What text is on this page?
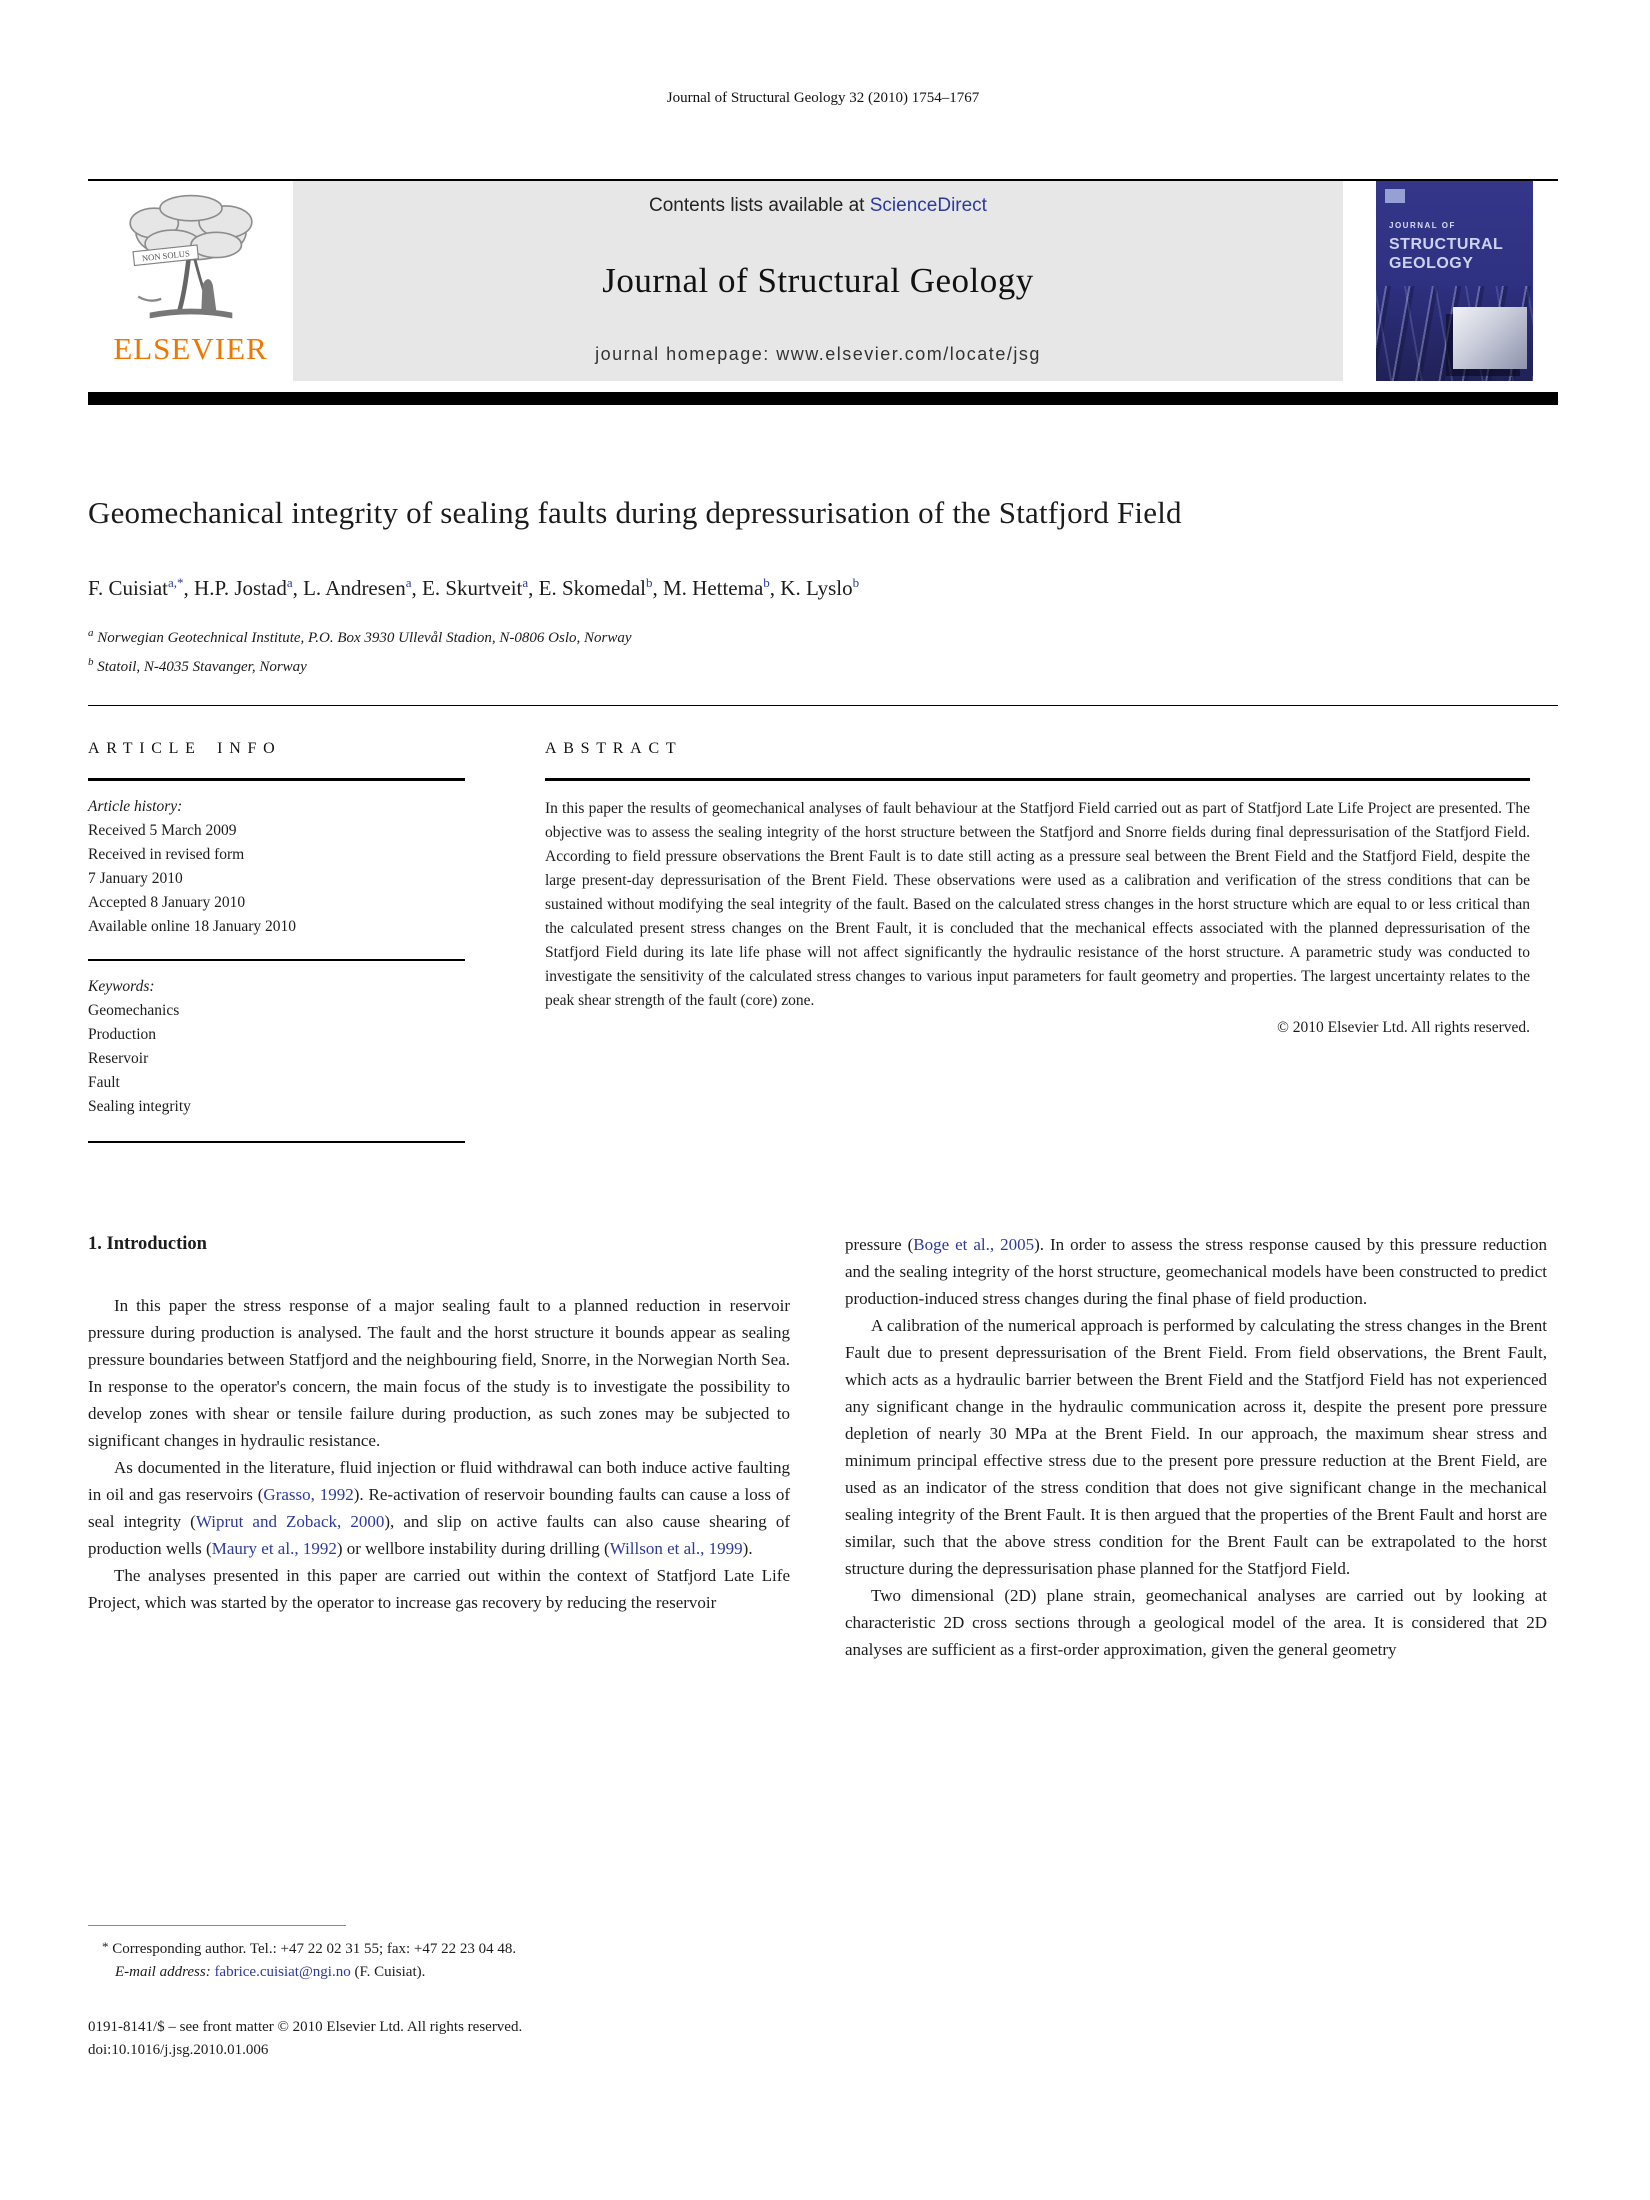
Journal of Structural Geology 32 (2010) 1754–1767
NON SOLUS
ELSEVIER
Contents lists available at ScienceDirect
Journal of Structural Geology
journal homepage: www.elsevier.com/locate/jsg
JOURNAL OF
STRUCTURAL
GEOLOGY
Geomechanical integrity of sealing faults during depressurisation of the Statfjord Field
F. Cuisiat$^{a,*}$, H.P. Jostad$^a$, L. Andresen$^a$, E. Skurtveit$^a$, E. Skomedal$^b$, M. Hettema$^b$, K. Lyslo$^b$
$^a$ Norwegian Geotechnical Institute, P.O. Box 3930 Ullevål Stadion, N-0806 Oslo, Norway
$^b$ Statoil, N-4035 Stavanger, Norway
ARTICLE INFO
Article history:
Received 5 March 2009
Received in revised form
7 January 2010
Accepted 8 January 2010
Available online 18 January 2010
Keywords:
Geomechanics
Production
Reservoir
Fault
Sealing integrity
ABSTRACT

In this paper the results of geomechanical analyses of fault behaviour at the Statfjord Field carried out as part of Statfjord Late Life Project are presented. The objective was to assess the sealing integrity of the horst structure between the Statfjord and Snorre fields during final depressurisation of the Statfjord Field. According to field pressure observations the Brent Fault is to date still acting as a pressure seal between the Brent Field and the Statfjord Field, despite the large present-day depressurisation of the Brent Field. These observations were used as a calibration and verification of the stress conditions that can be sustained without modifying the seal integrity of the fault. Based on the calculated stress changes in the horst structure which are equal to or less critical than the calculated present stress changes on the Brent Fault, it is concluded that the mechanical effects associated with the planned depressurisation of the Statfjord Field during its late life phase will not affect significantly the hydraulic resistance of the horst structure. A parametric study was conducted to investigate the sensitivity of the calculated stress changes to various input parameters for fault geometry and properties. The largest uncertainty relates to the peak shear strength of the fault (core) zone.

© 2010 Elsevier Ltd. All rights reserved.
1. Introduction

In this paper the stress response of a major sealing fault to a planned reduction in reservoir pressure during production is analysed. The fault and the horst structure it bounds appear as sealing pressure boundaries between Statfjord and the neighbouring field, Snorre, in the Norwegian North Sea. In response to the operator's concern, the main focus of the study is to investigate the possibility to develop zones with shear or tensile failure during production, as such zones may be subjected to significant changes in hydraulic resistance.

As documented in the literature, fluid injection or fluid withdrawal can both induce active faulting in oil and gas reservoirs (Grasso, 1992). Re-activation of reservoir bounding faults can cause a loss of seal integrity (Wiprut and Zoback, 2000), and slip on active faults can also cause shearing of production wells (Maury et al., 1992) or wellbore instability during drilling (Willson et al., 1999).

The analyses presented in this paper are carried out within the context of Statfjord Late Life Project, which was started by the operator to increase gas recovery by reducing the reservoir

pressure (Boge et al., 2005). In order to assess the stress response caused by this pressure reduction and the sealing integrity of the horst structure, geomechanical models have been constructed to predict production-induced stress changes during the final phase of field production.

A calibration of the numerical approach is performed by calculating the stress changes in the Brent Fault due to present depressurisation of the Brent Field. From field observations, the Brent Fault, which acts as a hydraulic barrier between the Brent Field and the Statfjord Field has not experienced any significant change in the hydraulic communication across it, despite the present pore pressure depletion of nearly 30 MPa at the Brent Field. In our approach, the maximum shear stress and minimum principal effective stress due to the present pore pressure reduction at the Brent Field, are used as an indicator of the stress condition that does not give significant change in the mechanical sealing integrity of the Brent Fault. It is then argued that the properties of the Brent Fault and horst are similar, such that the above stress condition for the Brent Fault can be extrapolated to the horst structure during the depressurisation phase planned for the Statfjord Field.

Two dimensional (2D) plane strain, geomechanical analyses are carried out by looking at characteristic 2D cross sections through a geological model of the area. It is considered that 2D analyses are sufficient as a first-order approximation, given the general geometry

* Corresponding author. Tel.: +47 22 02 31 55; fax: +47 22 23 04 48.
E-mail address: fabrice.cuisiat@ngi.no (F. Cuisiat).
0191-8141/$ – see front matter © 2010 Elsevier Ltd. All rights reserved.
doi:10.1016/j.jsg.2010.01.006
